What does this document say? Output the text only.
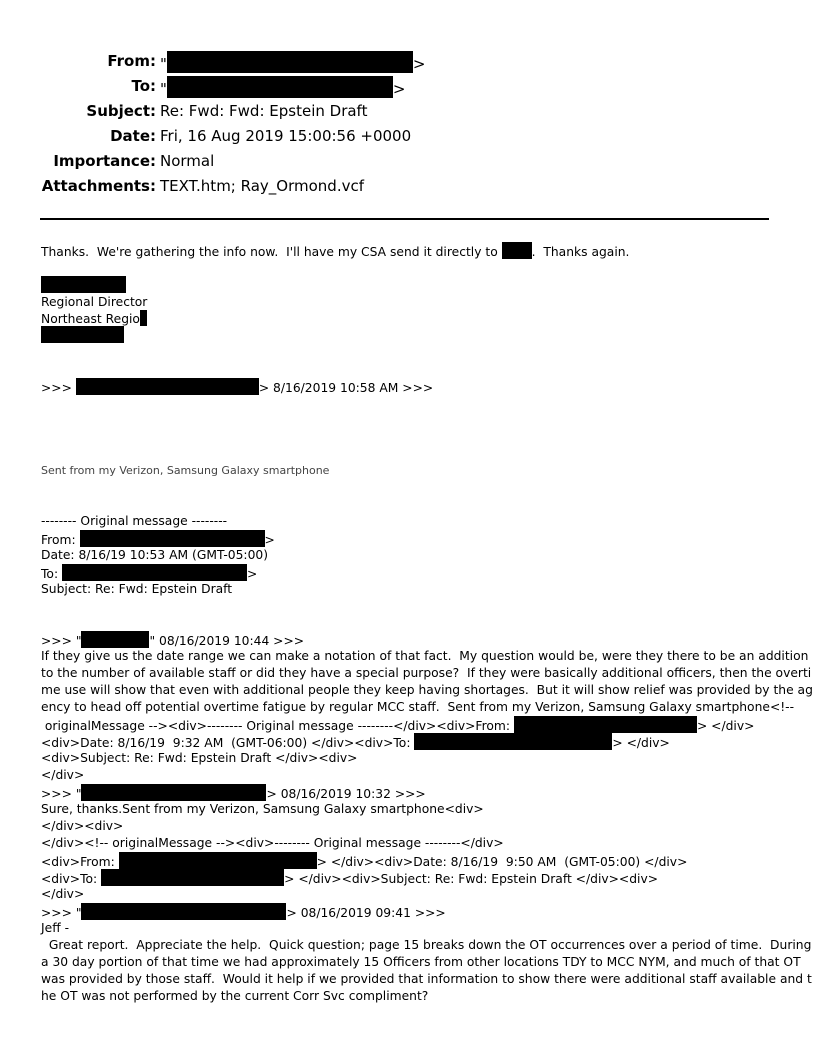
From: "	>
To: "	>
Subject: Re: Fwd: Fwd: Epstein Draft
Date: Fri, 16 Aug 2019 15:00:56 +0000
Importance: Normal
Attachments: TEXT.htm; Ray_Ormond.vcf
Thanks.  We're gathering the info now.  I'll have my CSA send it directly to .  Thanks again.
Regional Director
Northeast Regio
>>>	> 8/16/2019 10:58 AM >>>
Sent from my Verizon, Samsung Galaxy smartphone
-------- Original message --------
From:	>
Date: 8/16/19 10:53 AM (GMT-05:00)
To:	>
Subject: Re: Fwd: Epstein Draft
>>> "	" 08/16/2019 10:44 >>>
If they give us the date range we can make a notation of that fact.  My question would be, were they there to be an addition
to the number of available staff or did they have a special purpose?  If they were basically additional officers, then the overti
me use will show that even with additional people they keep having shortages.  But it will show relief was provided by the ag
ency to head off potential overtime fatigue by regular MCC staff.  Sent from my Verizon, Samsung Galaxy smartphone<!--
originalMessage --><div>-------- Original message --------</div><div>From:	> </div>
<div>Date: 8/16/19  9:32 AM  (GMT-06:00) </div><div>To:	> </div>
<div>Subject: Re: Fwd: Epstein Draft </div><div>
</div>
>>> "	> 08/16/2019 10:32 >>>
Sure, thanks.Sent from my Verizon, Samsung Galaxy smartphone<div>
</div><div>
</div><!-- originalMessage --><div>-------- Original message --------</div>
<div>From:	> </div><div>Date: 8/16/19  9:50 AM  (GMT-05:00) </div>
<div>To:	> </div><div>Subject: Re: Fwd: Epstein Draft </div><div>
</div>
>>> "	> 08/16/2019 09:41 >>>
Jeff -
Great report.  Appreciate the help.  Quick question; page 15 breaks down the OT occurrences over a period of time.  During
a 30 day portion of that time we had approximately 15 Officers from other locations TDY to MCC NYM, and much of that OT
was provided by those staff.  Would it help if we provided that information to show there were additional staff available and t
he OT was not performed by the current Corr Svc compliment?
